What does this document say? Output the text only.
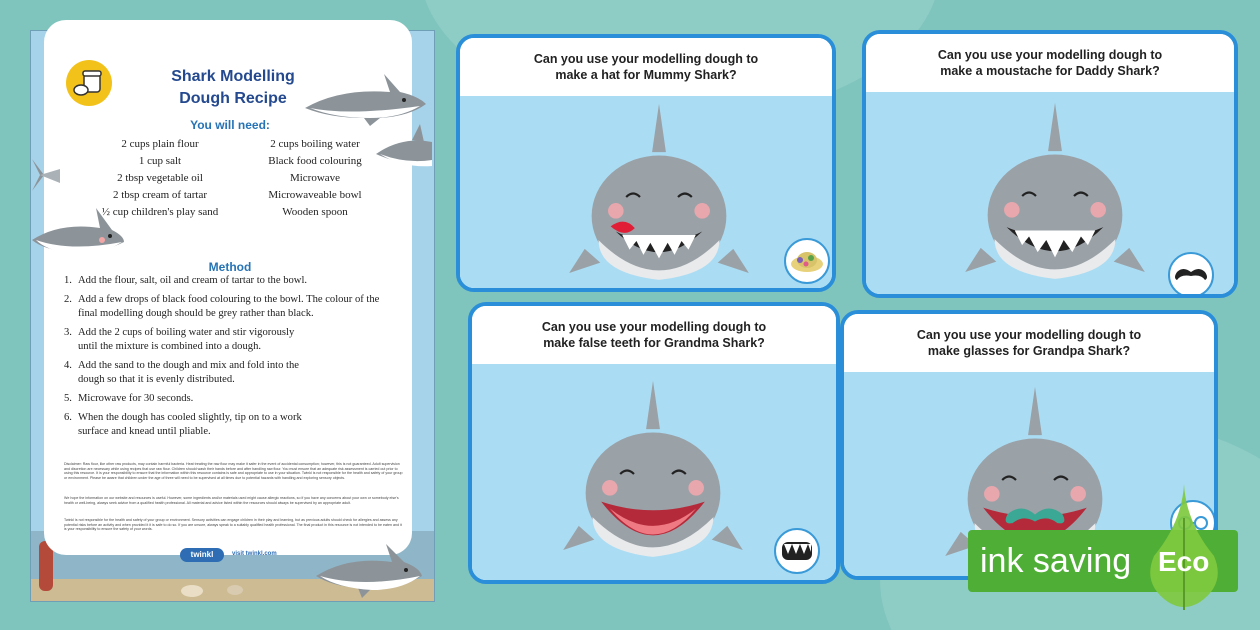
Shark Modelling
Dough Recipe
You will need:
2 cups plain flour
1 cup salt
2 tbsp vegetable oil
2 tbsp cream of tartar
½ cup children's play sand
2 cups boiling water
Black food colouring
Microwave
Microwaveable bowl
Wooden spoon
Method
1. Add the flour, salt, oil and cream of tartar to the bowl.
2. Add a few drops of black food colouring to the bowl. The colour of the final modelling dough should be grey rather than black.
3. Add the 2 cups of boiling water and stir vigorously until the mixture is combined into a dough.
4. Add the sand to the dough and mix and fold into the dough so that it is evenly distributed.
5. Microwave for 30 seconds.
6. When the dough has cooled slightly, tip on to a work surface and knead until pliable.
Disclaimer: Raw flour, like other raw products, may contain harmful bacteria. Heat treating the raw flour may make it safer in the event of accidental consumption; however, this is not guaranteed. Adult supervision and discretion are necessary while using recipes that use raw flour. Children should wash their hands before and after handling raw flour. You must ensure that an adequate risk assessment is carried out prior to using this resource. It is your responsibility to ensure that the information within this resource contains is safe and appropriate to use in your situation. Twinkl is not responsible for the health and safety of your group or environment. Please be aware that children under the age of three will need to be supervised at all times due to potential hazards with handling and exploring sensory objects.
We hope the information on our website and resources is useful. However, some ingredients and/or materials used might cause allergic reactions, so if you have any concerns about your own or somebody else's health or well-being, always seek advice from a qualified health professional. All material and advice listed within the resources should always be supervised by an appropriate adult.
Twinkl is not responsible for the health and safety of your group or environment. Sensory activities can engage children in their play and learning, but as previous adults should check for allergies and assess any potential risks before an activity and when provided it it is safe to do so. If you are unsure, always speak to a suitably qualified health professional. The final product in this resource is not intended to be eaten and it is your responsibility to ensure the safety of your words.
twinkl	visit twinkl.com
Can you use your modelling dough to
make a hat for Mummy Shark?
Can you use your modelling dough to
make a moustache for Daddy Shark?
Can you use your modelling dough to
make false teeth for Grandma Shark?
Can you use your modelling dough to
make glasses for Grandpa Shark?
ink saving Eco
